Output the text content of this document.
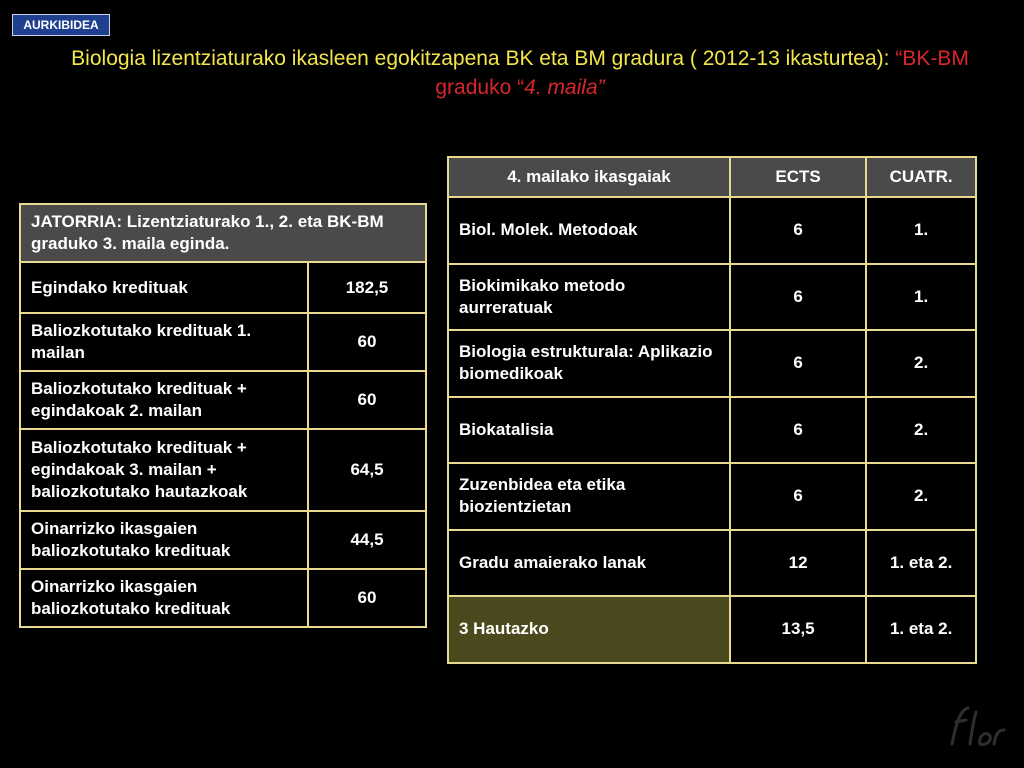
AURKIBIDEA
Biologia lizentziaturako ikasleen egokitzapena BK eta BM gradura ( 2012-13 ikasturtea): “BK-BM graduko “4. maila”
JATORRIA: Lizentziaturako 1., 2. eta BK-BM graduko 3. maila eginda.	
Egindako kredituak	182,5
Baliozkotutako kredituak 1. mailan	60
Baliozkotutako kredituak + egindakoak 2. mailan	60
Baliozkotutako kredituak + egindakoak 3. mailan + baliozkotutako hautazkoak	64,5
Oinarrizko ikasgaien baliozkotutako kredituak	44,5
Oinarrizko ikasgaien baliozkotutako kredituak	60
4. mailako ikasgaiak	ECTS	CUATR.
Biol. Molek. Metodoak	6	1.
Biokimikako metodo aurreratuak	6	1.
Biologia estrukturala: Aplikazio biomedikoak	6	2.
Biokatalisia	6	2.
Zuzenbidea eta etika biozientzietan	6	2.
Gradu amaierako lanak	12	1. eta 2.
3 Hautazko	13,5	1. eta 2.
